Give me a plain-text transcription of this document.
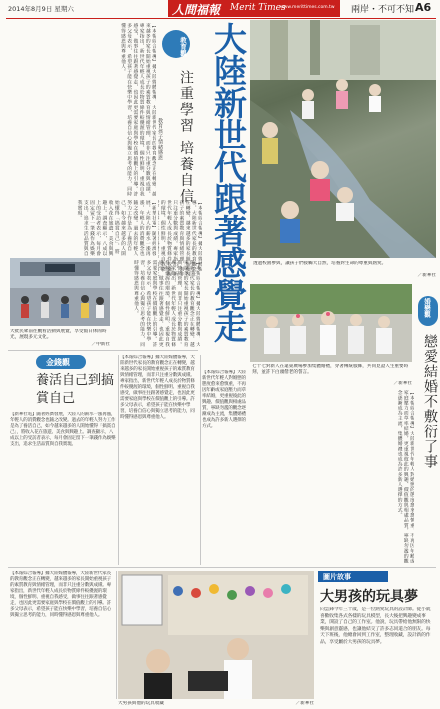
2014年8月9日 星期六	人間福報 Merit Times
www.merittimes.com.tw 兩岸・不可不知 A6
【本報綜合報導】據大陸媒體報導，大陸新世代家長的教育觀念正在轉變，越來越多的家長開始重視孩子的素質教育與情緒管理，而非只注重分數與成績。專家指出，新世代年輕人成長於物質條件較優渥的環境，個性鮮明、重視自我感受，做事往往跟著感覺走，也因此更需要家庭與學校在價值觀上的引導。許多父母表示，希望孩子能在快樂中學習，培養自信心與獨立思考的能力，同時懂得感恩與尊重他人。
【新華社電】隨著經濟發展，大陸人的薪水一漲再漲，年輕人的消費觀念也隨之改變。過去的年輕人努力工作是為了養活自己，如今越來越多的人開始懂得「搞賞自己」，將收入花在旅遊、美食與興趣上。調查顯示，八成以上的受訪者表示，每月會固定留下一筆錢作為娛樂支出，追求生活品質與自我實現。
教育觀
注重學習 培養自信
教育孩子情緒感恩 大陸新世代跟著感覺走
【本報綜合報導】據大陸媒體報導，大陸新世代家長的教育觀念正在轉變，越來越多的家長開始重視孩子的素質教育與情緒管理，而非只注重分數與成績。專家指出，新世代年輕人成長於物質條件較優渥的環境，個性鮮明、重視自我感
透過校園參與，讓孩子們接觸大自然，培養對生命的尊重與熱愛。
／新華社
大批民眾前往觀看活動與展覽，享受假日休閒時光，展現多元文化。
／中新社	【本報綜合報導】據大陸媒體報導，大陸新世代家長的教育觀念正在轉變，越來越多的家長開始重視孩子的素質教育與情緒管理，而非只注重分數與成績。專家指出，新世代年輕人成長於物質條件較優渥的環境，個性鮮明、重視自我感受，做事往往跟著感覺走，也因此更需要家庭與學校在價值觀上的引導。許多父母表示，希望孩子能在快樂中學習，培養自信心與獨立思考的能力，同時懂得感恩與尊重他人。
金錢觀
養活自己到搞賞自己
【新華社電】隨著經濟發展，大陸人的薪水一漲再漲，年輕人的消費觀念也隨之改變。過去的年輕人努力工作是為了養活自己，如今越來越多的人開始懂得「搞賞自己」，將收入花在旅遊、美食與興趣上。調查顯示，八成以上的受訪者表示，每月會固定留下一筆錢作為娛樂支出，追求生活品質與自我實現。
【本報綜合報導】據大陸媒體報導，大陸新世代家長的教育觀念正在轉變，越來越多的家長開始重視孩子的素質教育與情緒管理，而非只注重分數與成績。專家指出，新世代年輕人成長於物質條件較優渥的環境，個性鮮明、重視自我感受，做事往往跟著感覺走，也因此更需要家庭與學校在價值觀上的引導。許多父母表示，希望孩子能在快樂中學習，培養自信心與獨立思考的能力，同時懂得感恩與尊重他人。
【本報綜合報導】大陸新世代年輕人對婚戀的態度愈來愈慎重，不再因年齡或家庭壓力而草率結婚，更重視彼此的興趣、價值觀與相處品質，寧缺勿濫的觀念逐漸成為主流，集體婚禮也成為許多新人選擇的方式。
婚戀觀
戀愛結婚不敷衍了事
七十七對新人在遠東廣場參加集體婚禮，穿著傳統服飾，共同見證人生重要時刻，並許下白頭偕老的誓言。
／新華社
【本報綜合報導】大陸新世代年輕人對婚戀的態度愈來愈慎重，不再因年齡或家庭壓力而草率結婚，更重視彼此的興趣、價值觀與相處品質，寧缺勿濫的觀念逐漸成為主流，集體婚禮也成為許多新人選擇的方式。
大男孩與他的玩具收藏	／新華社
【本報綜合報導】據大陸媒體報導，大陸新世代家長的教育觀念正在轉變，越來越多的家長開始重視孩子的素質教育與情緒管理，而非只注重分數與成績。專家指出，新世代年輕人成長於物質條件較優渥的環境，個性鮮明、重視自我感受，做事往往跟著感覺走，也因此更需要家庭與學校在價值觀上的引導。許多父母表示，希望孩子能在快樂中學習，培養自信心與獨立思考的能力，同時懂得感恩與尊重他人。
圖片故事
大男孩的玩具夢
向雲鋒今年三十歲，是一位熱愛玩具的設計師。從小就喜歡收集各式各樣的玩具模型，長大後把興趣變成事業，開設了自己的工作室。他說，玩具帶給他無限的快樂與創意靈感，也讓他結交了許多志同道合的朋友。每天下班後，他總會回到工作室，整理收藏，設計新的作品，享受屬於大男孩的玩具夢。
